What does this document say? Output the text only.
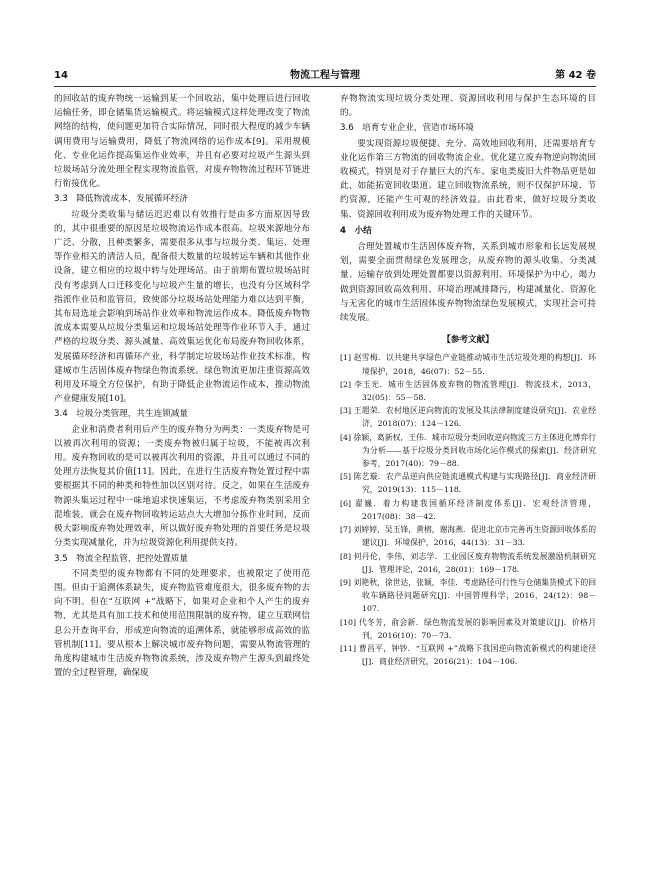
14	物流工程与管理	第 42 卷

的回收站的废弃物统一运输到某一个回收站，集中处理后进行回收运输任务，即仓储集货运输模式。将运输模式这样处理改变了物流网络的结构，使问题更加符合实际情况，同时很大程度的减少车辆调用费用与运输费用，降低了物流网络的运作成本[9]。采用规模化、专业化运作提高集运作业效率，并且有必要对垃圾产生源头到垃圾场站分流处理全程实现物流监管，对废弃物物流过程环节链进行衔接优化。

3.3　降低物流成本，发展循环经济

垃圾分类收集与储运迟迟难以有效推行是由多方面原因导致的，其中很重要的原因是垃圾物流运作成本很高。垃圾来源地分布广泛、分散，且种类繁多，需要很多从事与垃圾分类、集运、处理等作业相关的清洁人员，配备很大数量的垃圾转运车辆和其他作业设备，建立相应的垃圾中转与处理场站。由于前期布置垃圾场站时没有考虑到人口迁移变化与垃圾产生量的增长，也没有分区域科学指派作业员和监管员，致使部分垃圾场站处理能力难以达到平衡，其布局选址会影响到场站作业效率和物流运作成本。降低废弃物物流成本需要从垃圾分类集运和垃圾场站处理等作业环节入手，通过严格的垃圾分类、源头减量、高效集运优化布局废弃物回收体系，发展循环经济和再循环产业，科学制定垃圾场站作业技术标准，构建城市生活固体废弃物绿色物流系统。绿色物流更加注重资源高效利用及环境全方位保护，有助于降低企业物流运作成本，推动物流产业健康发展[10]。

3.4　垃圾分类管理，共生连锁减量

企业和消费者利用后产生的废弃物分为两类：一类废弃物是可以被再次利用的资源；一类废弃物被归属于垃圾，不能被再次利用。废弃物回收的是可以被再次利用的资源，并且可以通过不同的处理方法恢复其价值[11]。因此，在进行生活废弃物处置过程中需要根据其不同的种类和特性加以区别对待。反之，如果在生活废弃物源头集运过程中一味地追求快速集运，不考虑废弃物类别采用全混堆装，就会在废弃物回收转运站点大大增加分拣作业时间，反而极大影响废弃物处理效率，所以做好废弃物处理的首要任务是垃圾分类实现减量化，并为垃圾资源化利用提供支持。

3.5　物流全程监管，把控处置质量

不同类型的废弃物都有不同的处理要求，也被限定了使用范围。但由于追溯体系缺失，废弃物监管难度很大，很多废弃物的去向不明。但在“互联网 +”战略下，如果对企业和个人产生的废弃物，尤其是具有加工技术和使用范围限制的废弃物，建立互联网信息公开查询平台，形成逆向物流的追溯体系，就能够形成高效的监管机制[11]。要从根本上解决城市废弃物问题，需要从物流管理的角度构建城市生活废弃物物流系统，涉及废弃物产生源头到最终处置的全过程管理，确保废

弃物物流实现垃圾分类处理、资源回收利用与保护生态环境的目的。

3.6　培育专业企业，营造市场环境

要实现资源垃圾便捷、充分、高效地回收利用，还需要培育专业化运作第三方物流的回收物流企业，优化建立废弃物逆向物流回收模式，特别是对于存量巨大的汽车、家电类废旧大件物品更是如此，如能拓宽回收渠道、建立回收物流系统，则不仅保护环境、节约资源，还能产生可观的经济效益。由此看来，做好垃圾分类收集、资源回收利用成为废弃物处理工作的关键环节。

4　小结

合理处置城市生活固体废弃物，关系到城市形象和长远发展规划，需要全面贯彻绿色发展理念，从废弃物的源头收集、分类减量、运输存放到处理处置都要以资源利用、环境保护为中心，竭力做到资源回收高效利用、环境治理减排降污，构建减量化、资源化与无害化的城市生活固体废弃物物流绿色发展模式，实现社会可持续发展。

【参考文献】
[1] 赵雪梅．以共建共享绿色产业链推动城市生活垃圾处理的构想[J]．环境保护，2018，46(07)：52－55．
[2] 李玉光．城市生活固体废弃物的物流管理[J]．物流技术，2013，32(05)：55－58．
[3] 王超荣．农村地区逆向物流的发展及其法律制度建设研究[J]．农业经济，2018(07)：124－126．
[4] 徐颖，葛新权，王伟．城市垃圾分类回收逆向物流三方主体进化博弈行为分析——基于垃圾分类回收市场化运作模式的探索[J]．经济研究参考，2017(40)：79－88．
[5] 陈艺璇．农产品逆向供应链流通模式构建与实现路径[J]．商业经济研究，2019(13)：115－118．
[6] 翟巍．着力构建我国循环经济制度体系[J]．宏观经济管理，2017(08)：38－42．
[7] 刘婷婷，吴玉锋，黄榕，谢海燕．促进北京市完善再生资源回收体系的建议[J]．环境保护，2016，44(13)：31－33．
[8] 何丹伦，李伟，刘志学．工业园区废弃物物流系统发展激励机制研究[J]．管理评论，2016，28(01)：169－178．
[9] 刘艳秋，徐世达，张颖，李佳．考虑路径可行性与仓储集货模式下的回收车辆路径问题研究[J]．中国管理科学，2016，24(12)：98－107．
[10] 代冬芳，俞会新．绿色物流发展的影响因素及对策建议[J]．价格月刊，2016(10)：70－73．
[11] 曹昌平，钟钞．“互联网 +”战略下我国逆向物流新模式的构建途径[J]．商业经济研究，2016(21)：104－106．
